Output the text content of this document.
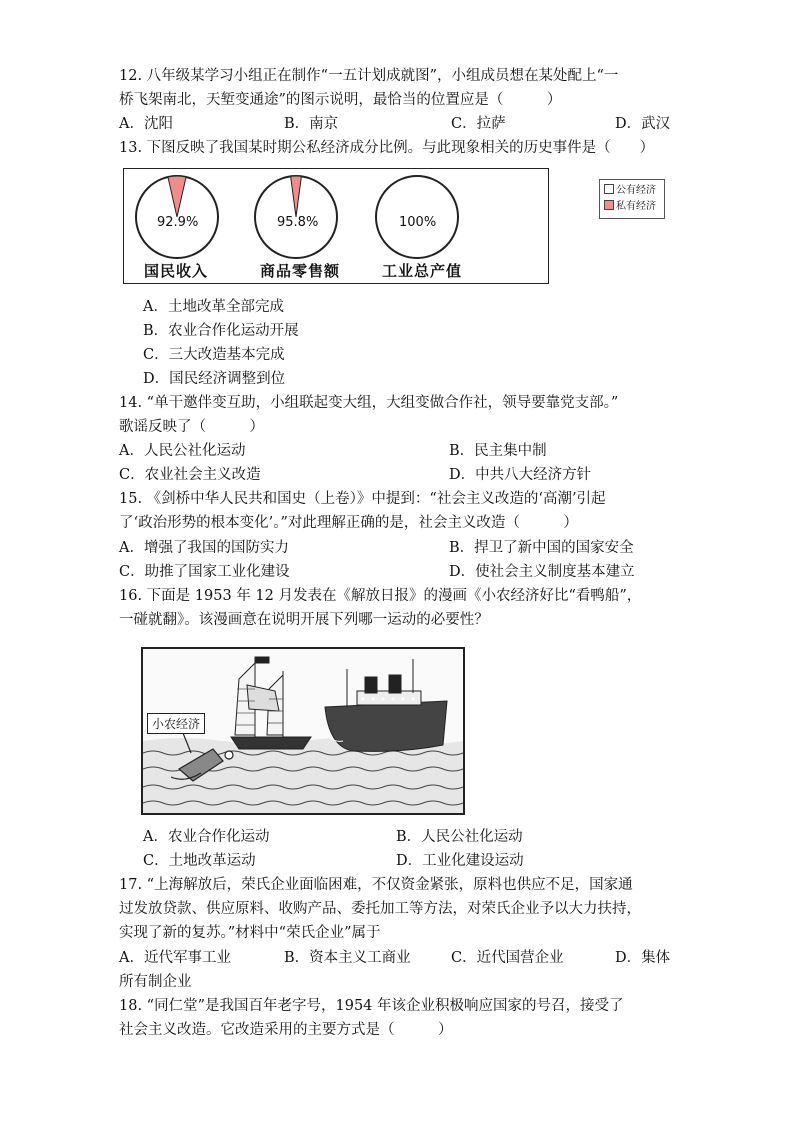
12. 八年级某学习小组正在制作“一五计划成就图”，小组成员想在某处配上“一
桥飞架南北，天堑变通途”的图示说明，最恰当的位置应是（　　　）
A．沈阳	B．南京	C．拉萨	D．武汉
13. 下图反映了我国某时期公私经济成分比例。与此现象相关的历史事件是（　　）
92.9%	95.8%	100%
国民收入	商品零售额	工业总产值
公有经济
私有经济
A．土地改革全部完成
B．农业合作化运动开展
C．三大改造基本完成
D．国民经济调整到位
14. “单干邀伴变互助，小组联起变大组，大组变做合作社，领导要靠党支部。”
歌谣反映了（　　　）
A．人民公社化运动	B．民主集中制
C．农业社会主义改造	D．中共八大经济方针
15. 《剑桥中华人民共和国史（上卷）》中提到：“社会主义改造的‘高潮’引起
了‘政治形势的根本变化’。”对此理解正确的是，社会主义改造（　　　）
A．增强了我国的国防实力	B．捍卫了新中国的国家安全
C．助推了国家工业化建设	D．使社会主义制度基本建立
16. 下面是 1953 年 12 月发表在《解放日报》的漫画《小农经济好比“看鸭船”，
一碰就翻》。该漫画意在说明开展下列哪一运动的必要性？
小农经济
A．农业合作化运动	B．人民公社化运动
C．土地改革运动	D．工业化建设运动
17. “上海解放后，荣氏企业面临困难，不仅资金紧张，原料也供应不足，国家通
过发放贷款、供应原料、收购产品、委托加工等方法，对荣氏企业予以大力扶持，
实现了新的复苏。”材料中“荣氏企业”属于
A．近代军事工业	B．资本主义工商业	C．近代国营企业	D．集体
所有制企业
18. “同仁堂”是我国百年老字号，1954 年该企业积极响应国家的号召，接受了
社会主义改造。它改造采用的主要方式是（　　　）
